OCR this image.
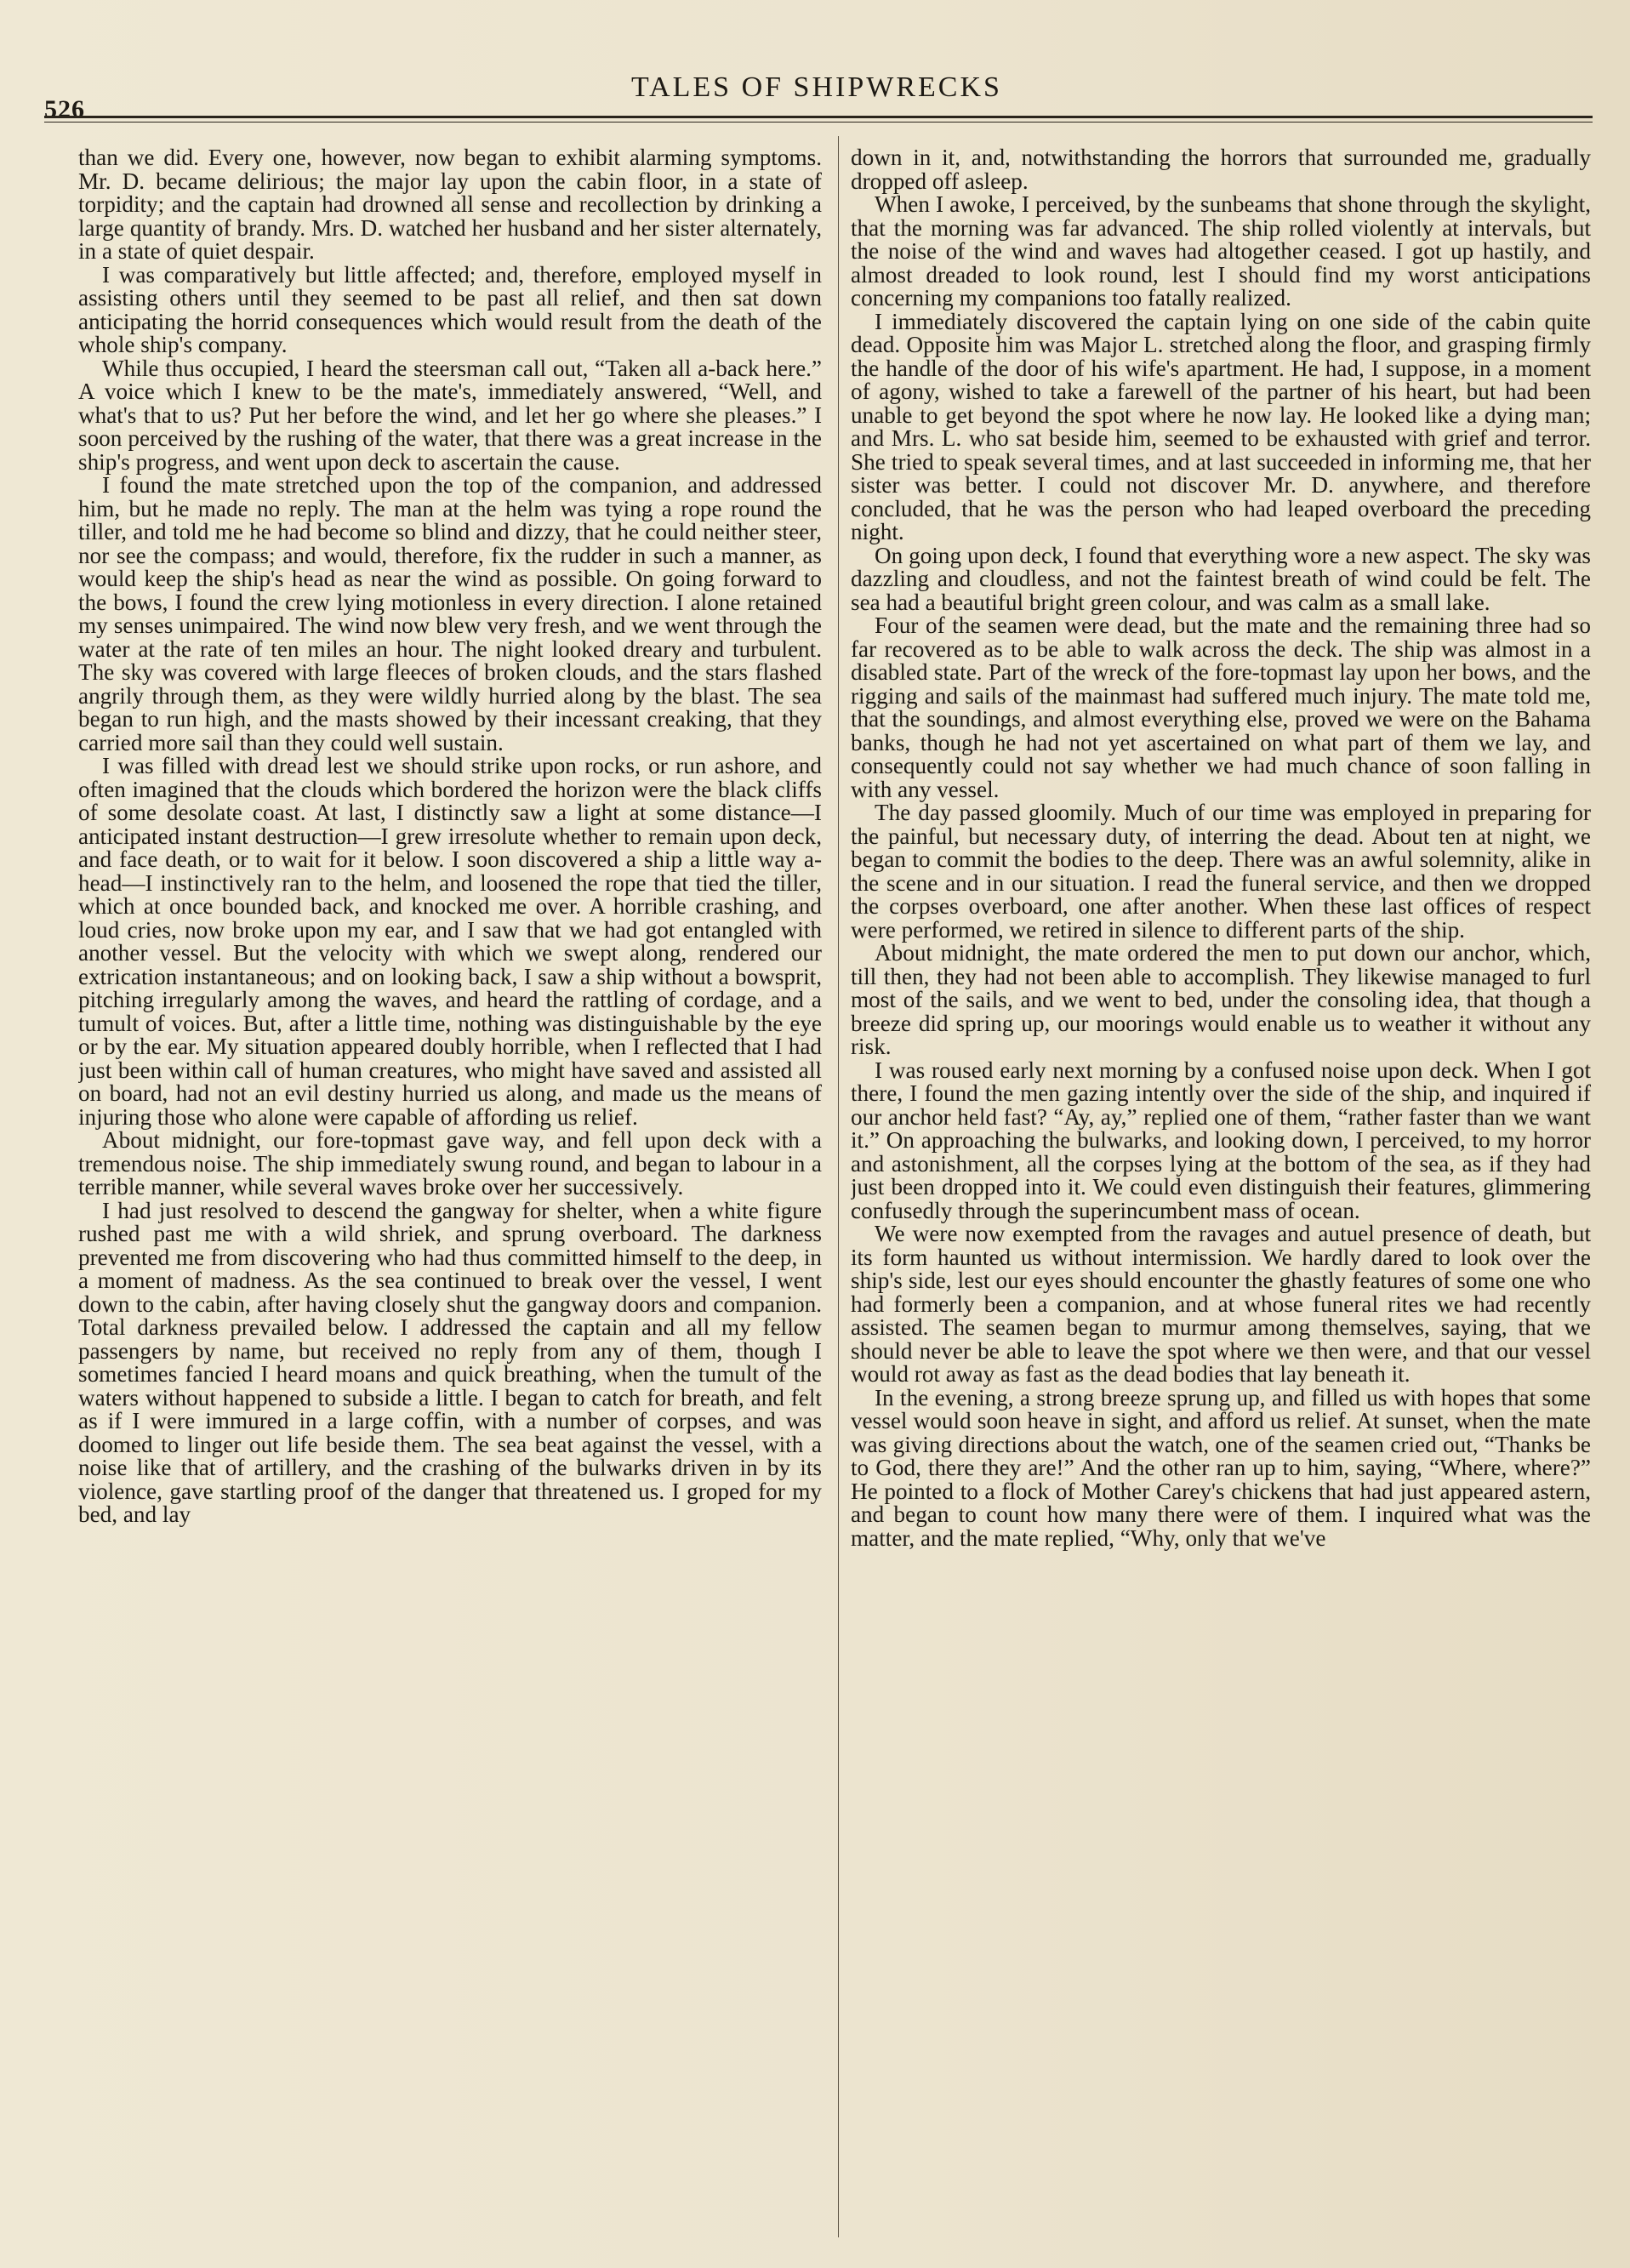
526
TALES OF SHIPWRECKS

than we did. Every one, however, now began to exhibit alarming symptoms. Mr. D. became delirious; the major lay upon the cabin floor, in a state of torpidity; and the captain had drowned all sense and recollection by drinking a large quantity of brandy. Mrs. D. watched her husband and her sister alternately, in a state of quiet despair.

I was comparatively but little affected; and, therefore, employed myself in assisting others until they seemed to be past all relief, and then sat down anticipating the horrid consequences which would result from the death of the whole ship's company.

While thus occupied, I heard the steersman call out, “Taken all a-back here.” A voice which I knew to be the mate's, immediately answered, “Well, and what's that to us? Put her before the wind, and let her go where she pleases.” I soon perceived by the rushing of the water, that there was a great increase in the ship's progress, and went upon deck to ascertain the cause.

I found the mate stretched upon the top of the companion, and addressed him, but he made no reply. The man at the helm was tying a rope round the tiller, and told me he had become so blind and dizzy, that he could neither steer, nor see the compass; and would, therefore, fix the rudder in such a manner, as would keep the ship's head as near the wind as possible. On going forward to the bows, I found the crew lying motionless in every direction. I alone retained my senses unimpaired. The wind now blew very fresh, and we went through the water at the rate of ten miles an hour. The night looked dreary and turbulent. The sky was covered with large fleeces of broken clouds, and the stars flashed angrily through them, as they were wildly hurried along by the blast. The sea began to run high, and the masts showed by their incessant creaking, that they carried more sail than they could well sustain.

I was filled with dread lest we should strike upon rocks, or run ashore, and often imagined that the clouds which bordered the horizon were the black cliffs of some desolate coast. At last, I distinctly saw a light at some distance—I anticipated instant destruction—I grew irresolute whether to remain upon deck, and face death, or to wait for it below. I soon discovered a ship a little way a-head—I instinctively ran to the helm, and loosened the rope that tied the tiller, which at once bounded back, and knocked me over. A horrible crashing, and loud cries, now broke upon my ear, and I saw that we had got entangled with another vessel. But the velocity with which we swept along, rendered our extrication instantaneous; and on looking back, I saw a ship without a bowsprit, pitching irregularly among the waves, and heard the rattling of cordage, and a tumult of voices. But, after a little time, nothing was distinguishable by the eye or by the ear. My situation appeared doubly horrible, when I reflected that I had just been within call of human creatures, who might have saved and assisted all on board, had not an evil destiny hurried us along, and made us the means of injuring those who alone were capable of affording us relief.

About midnight, our fore-topmast gave way, and fell upon deck with a tremendous noise. The ship immediately swung round, and began to labour in a terrible manner, while several waves broke over her successively.

I had just resolved to descend the gangway for shelter, when a white figure rushed past me with a wild shriek, and sprung overboard. The darkness prevented me from discovering who had thus committed himself to the deep, in a moment of madness. As the sea continued to break over the vessel, I went down to the cabin, after having closely shut the gangway doors and companion. Total darkness prevailed below. I addressed the captain and all my fellow passengers by name, but received no reply from any of them, though I sometimes fancied I heard moans and quick breathing, when the tumult of the waters without happened to subside a little. I began to catch for breath, and felt as if I were immured in a large coffin, with a number of corpses, and was doomed to linger out life beside them. The sea beat against the vessel, with a noise like that of artillery, and the crashing of the bulwarks driven in by its violence, gave startling proof of the danger that threatened us. I groped for my bed, and lay

down in it, and, notwithstanding the horrors that surrounded me, gradually dropped off asleep.

When I awoke, I perceived, by the sunbeams that shone through the skylight, that the morning was far advanced. The ship rolled violently at intervals, but the noise of the wind and waves had altogether ceased. I got up hastily, and almost dreaded to look round, lest I should find my worst anticipations concerning my companions too fatally realized.

I immediately discovered the captain lying on one side of the cabin quite dead. Opposite him was Major L. stretched along the floor, and grasping firmly the handle of the door of his wife's apartment. He had, I suppose, in a moment of agony, wished to take a farewell of the partner of his heart, but had been unable to get beyond the spot where he now lay. He looked like a dying man; and Mrs. L. who sat beside him, seemed to be exhausted with grief and terror. She tried to speak several times, and at last succeeded in informing me, that her sister was better. I could not discover Mr. D. anywhere, and therefore concluded, that he was the person who had leaped overboard the preceding night.

On going upon deck, I found that everything wore a new aspect. The sky was dazzling and cloudless, and not the faintest breath of wind could be felt. The sea had a beautiful bright green colour, and was calm as a small lake.

Four of the seamen were dead, but the mate and the remaining three had so far recovered as to be able to walk across the deck. The ship was almost in a disabled state. Part of the wreck of the fore-topmast lay upon her bows, and the rigging and sails of the mainmast had suffered much injury. The mate told me, that the soundings, and almost everything else, proved we were on the Bahama banks, though he had not yet ascertained on what part of them we lay, and consequently could not say whether we had much chance of soon falling in with any vessel.

The day passed gloomily. Much of our time was employed in preparing for the painful, but necessary duty, of interring the dead. About ten at night, we began to commit the bodies to the deep. There was an awful solemnity, alike in the scene and in our situation. I read the funeral service, and then we dropped the corpses overboard, one after another. When these last offices of respect were performed, we retired in silence to different parts of the ship.

About midnight, the mate ordered the men to put down our anchor, which, till then, they had not been able to accomplish. They likewise managed to furl most of the sails, and we went to bed, under the consoling idea, that though a breeze did spring up, our moorings would enable us to weather it without any risk.

I was roused early next morning by a confused noise upon deck. When I got there, I found the men gazing intently over the side of the ship, and inquired if our anchor held fast? “Ay, ay,” replied one of them, “rather faster than we want it.” On approaching the bulwarks, and looking down, I perceived, to my horror and astonishment, all the corpses lying at the bottom of the sea, as if they had just been dropped into it. We could even distinguish their features, glimmering confusedly through the superincumbent mass of ocean.

We were now exempted from the ravages and autuel presence of death, but its form haunted us without intermission. We hardly dared to look over the ship's side, lest our eyes should encounter the ghastly features of some one who had formerly been a companion, and at whose funeral rites we had recently assisted. The seamen began to murmur among themselves, saying, that we should never be able to leave the spot where we then were, and that our vessel would rot away as fast as the dead bodies that lay beneath it.

In the evening, a strong breeze sprung up, and filled us with hopes that some vessel would soon heave in sight, and afford us relief. At sunset, when the mate was giving directions about the watch, one of the seamen cried out, “Thanks be to God, there they are!” And the other ran up to him, saying, “Where, where?” He pointed to a flock of Mother Carey's chickens that had just appeared astern, and began to count how many there were of them. I inquired what was the matter, and the mate replied, “Why, only that we've
